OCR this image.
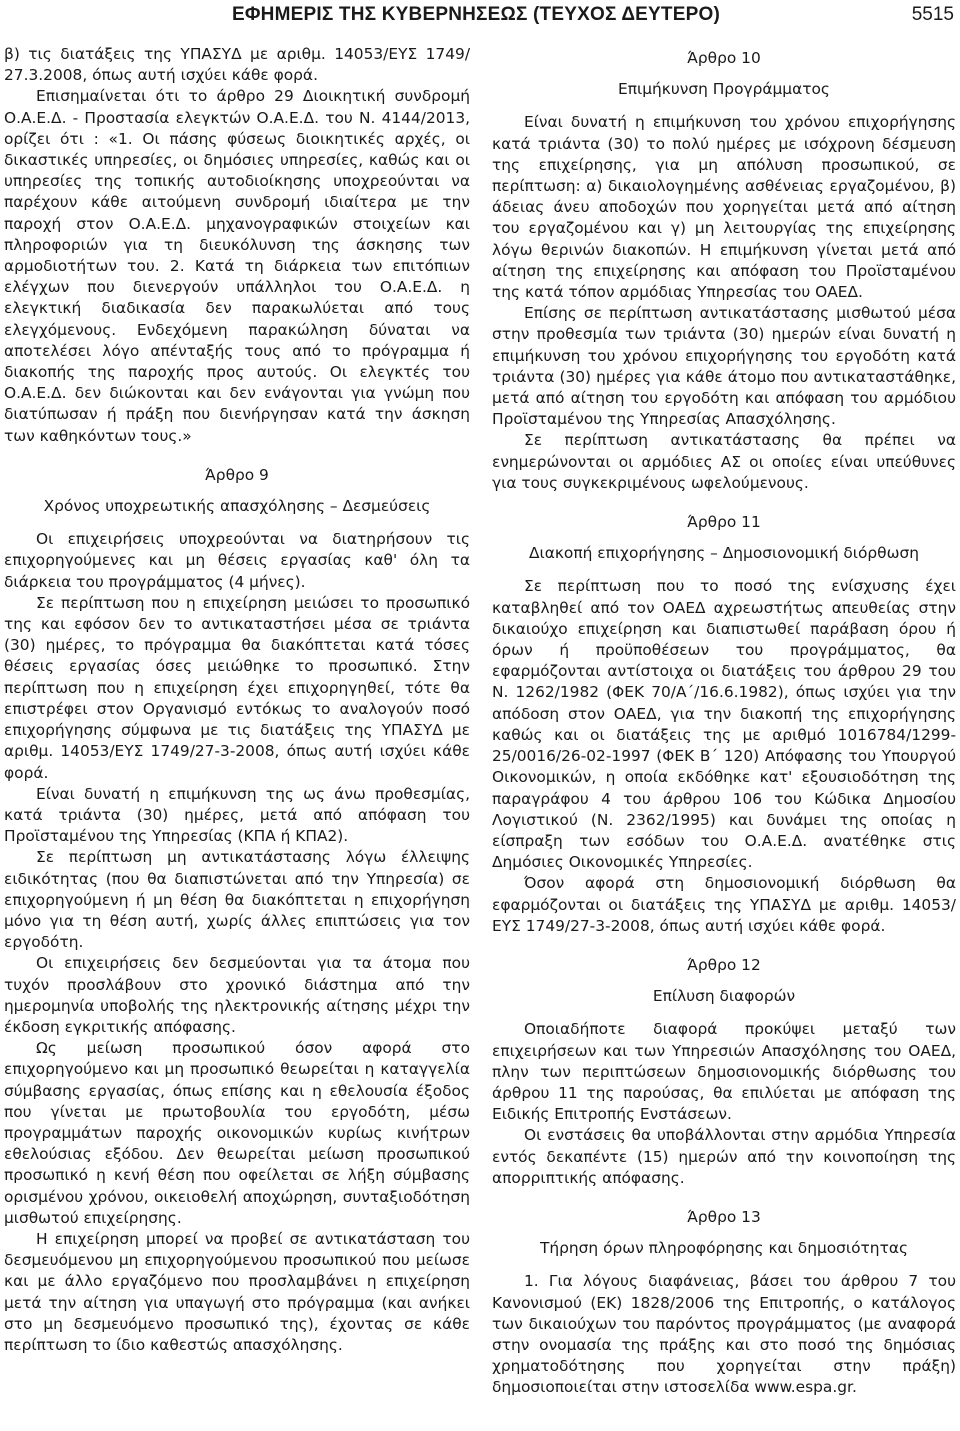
ΕΦΗΜΕΡΙΣ ΤΗΣ ΚΥΒΕΡΝΗΣΕΩΣ (ΤΕΥΧΟΣ ΔΕΥΤΕΡΟ)	5515

β) τις διατάξεις της ΥΠΑΣΥΔ με αριθμ. 14053/ΕΥΣ 1749/ 27.3.2008, όπως αυτή ισχύει κάθε φορά.

Επισημαίνεται ότι το άρθρο 29 Διοικητική συνδρομή Ο.Α.Ε.Δ. - Προστασία ελεγκτών Ο.Α.Ε.Δ. του Ν. 4144/2013, ορίζει ότι : «1. Οι πάσης φύσεως διοικητικές αρχές, οι δικαστικές υπηρεσίες, οι δημόσιες υπηρεσίες, καθώς και οι υπηρεσίες της τοπικής αυτοδιοίκησης υποχρεούνται να παρέχουν κάθε αιτούμενη συνδρομή ιδιαίτερα με την παροχή στον Ο.Α.Ε.Δ. μηχανογραφικών στοιχείων και πληροφοριών για τη διευκόλυνση της άσκησης των αρμοδιοτήτων του. 2. Κατά τη διάρκεια των επιτόπιων ελέγχων που διενεργούν υπάλληλοι του Ο.Α.Ε.Δ. η ελεγκτική διαδικασία δεν παρακωλύεται από τους ελεγχόμενους. Ενδεχόμενη παρακώληση δύναται να αποτελέσει λόγο απένταξής τους από το πρόγραμμα ή διακοπής της παροχής προς αυτούς. Οι ελεγκτές του Ο.Α.Ε.Δ. δεν διώκονται και δεν ενάγονται για γνώμη που διατύπωσαν ή πράξη που διενήργησαν κατά την άσκηση των καθηκόντων τους.»

Άρθρο 9

Χρόνος υποχρεωτικής απασχόλησης – Δεσμεύσεις

Οι επιχειρήσεις υποχρεούνται να διατηρήσουν τις επιχορηγούμενες και μη θέσεις εργασίας καθ' όλη τα διάρκεια του προγράμματος (4 μήνες).

Σε περίπτωση που η επιχείρηση μειώσει το προσωπικό της και εφόσον δεν το αντικαταστήσει μέσα σε τριάντα (30) ημέρες, το πρόγραμμα θα διακόπτεται κατά τόσες θέσεις εργασίας όσες μειώθηκε το προσωπικό. Στην περίπτωση που η επιχείρηση έχει επιχορηγηθεί, τότε θα επιστρέφει στον Οργανισμό εντόκως το αναλογούν ποσό επιχορήγησης σύμφωνα με τις διατάξεις της ΥΠΑΣΥΔ με αριθμ. 14053/ΕΥΣ 1749/27-3-2008, όπως αυτή ισχύει κάθε φορά.

Είναι δυνατή η επιμήκυνση της ως άνω προθεσμίας, κατά τριάντα (30) ημέρες, μετά από απόφαση του Προϊσταμένου της Υπηρεσίας (ΚΠΑ ή ΚΠΑ2).

Σε περίπτωση μη αντικατάστασης λόγω έλλειψης ειδικότητας (που θα διαπιστώνεται από την Υπηρεσία) σε επιχορηγούμενη ή μη θέση θα διακόπτεται η επιχορήγηση μόνο για τη θέση αυτή, χωρίς άλλες επιπτώσεις για τον εργοδότη.

Οι επιχειρήσεις δεν δεσμεύονται για τα άτομα που τυχόν προσλάβουν στο χρονικό διάστημα από την ημερομηνία υποβολής της ηλεκτρονικής αίτησης μέχρι την έκδοση εγκριτικής απόφασης.

Ως μείωση προσωπικού όσον αφορά στο επιχορηγούμενο και μη προσωπικό θεωρείται η καταγγελία σύμβασης εργασίας, όπως επίσης και η εθελουσία έξοδος που γίνεται με πρωτοβουλία του εργοδότη, μέσω προγραμμάτων παροχής οικονομικών κυρίως κινήτρων εθελούσιας εξόδου. Δεν θεωρείται μείωση προσωπικού προσωπικό η κενή θέση που οφείλεται σε λήξη σύμβασης ορισμένου χρόνου, οικειοθελή αποχώρηση, συνταξιοδότηση μισθωτού επιχείρησης.

Η επιχείρηση μπορεί να προβεί σε αντικατάσταση του δεσμευόμενου μη επιχορηγούμενου προσωπικού που μείωσε και με άλλο εργαζόμενο που προσλαμβάνει η επιχείρηση μετά την αίτηση για υπαγωγή στο πρόγραμμα (και ανήκει στο μη δεσμευόμενο προσωπικό της), έχοντας σε κάθε περίπτωση το ίδιο καθεστώς απασχόλησης.

Άρθρο 10

Επιμήκυνση Προγράμματος

Είναι δυνατή η επιμήκυνση του χρόνου επιχορήγησης κατά τριάντα (30) το πολύ ημέρες με ισόχρονη δέσμευση της επιχείρησης, για μη απόλυση προσωπικού, σε περίπτωση: α) δικαιολογημένης ασθένειας εργαζομένου, β) άδειας άνευ αποδοχών που χορηγείται μετά από αίτηση του εργαζομένου και γ) μη λειτουργίας της επιχείρησης λόγω θερινών διακοπών. Η επιμήκυνση γίνεται μετά από αίτηση της επιχείρησης και απόφαση του Προϊσταμένου της κατά τόπον αρμόδιας Υπηρεσίας του ΟΑΕΔ.

Επίσης σε περίπτωση αντικατάστασης μισθωτού μέσα στην προθεσμία των τριάντα (30) ημερών είναι δυνατή η επιμήκυνση του χρόνου επιχορήγησης του εργοδότη κατά τριάντα (30) ημέρες για κάθε άτομο που αντικαταστάθηκε, μετά από αίτηση του εργοδότη και απόφαση του αρμόδιου Προϊσταμένου της Υπηρεσίας Απασχόλησης.

Σε περίπτωση αντικατάστασης θα πρέπει να ενημερώνονται οι αρμόδιες ΑΣ οι οποίες είναι υπεύθυνες για τους συγκεκριμένους ωφελούμενους.

Άρθρο 11

Διακοπή επιχορήγησης – Δημοσιονομική διόρθωση

Σε περίπτωση που το ποσό της ενίσχυσης έχει καταβληθεί από τον ΟΑΕΔ αχρεωστήτως απευθείας στην δικαιούχο επιχείρηση και διαπιστωθεί παράβαση όρου ή όρων ή προϋποθέσεων του προγράμματος, θα εφαρμόζονται αντίστοιχα οι διατάξεις του άρθρου 29 του Ν. 1262/1982 (ΦΕΚ 70/Α΄/16.6.1982), όπως ισχύει για την απόδοση στον ΟΑΕΔ, για την διακοπή της επιχορήγησης καθώς και οι διατάξεις της με αριθμό 1016784/1299-25/0016/26-02-1997 (ΦΕΚ Β΄ 120) Απόφασης του Υπουργού Οικονομικών, η οποία εκδόθηκε κατ' εξουσιοδότηση της παραγράφου 4 του άρθρου 106 του Κώδικα Δημοσίου Λογιστικού (Ν. 2362/1995) και δυνάμει της οποίας η είσπραξη των εσόδων του Ο.Α.Ε.Δ. ανατέθηκε στις Δημόσιες Οικονομικές Υπηρεσίες.

Όσον αφορά στη δημοσιονομική διόρθωση θα εφαρμόζονται οι διατάξεις της ΥΠΑΣΥΔ με αριθμ. 14053/ΕΥΣ 1749/27-3-2008, όπως αυτή ισχύει κάθε φορά.

Άρθρο 12

Επίλυση διαφορών

Οποιαδήποτε διαφορά προκύψει μεταξύ των επιχειρήσεων και των Υπηρεσιών Απασχόλησης του ΟΑΕΔ, πλην των περιπτώσεων δημοσιονομικής διόρθωσης του άρθρου 11 της παρούσας, θα επιλύεται με απόφαση της Ειδικής Επιτροπής Ενστάσεων.

Οι ενστάσεις θα υποβάλλονται στην αρμόδια Υπηρεσία εντός δεκαπέντε (15) ημερών από την κοινοποίηση της απορριπτικής απόφασης.

Άρθρο 13

Τήρηση όρων πληροφόρησης και δημοσιότητας

1. Για λόγους διαφάνειας, βάσει του άρθρου 7 του Κανονισμού (ΕΚ) 1828/2006 της Επιτροπής, ο κατάλογος των δικαιούχων του παρόντος προγράμματος (με αναφορά στην ονομασία της πράξης και στο ποσό της δημόσιας χρηματοδότησης που χορηγείται στην πράξη) δημοσιοποιείται στην ιστοσελίδα www.espa.gr.
